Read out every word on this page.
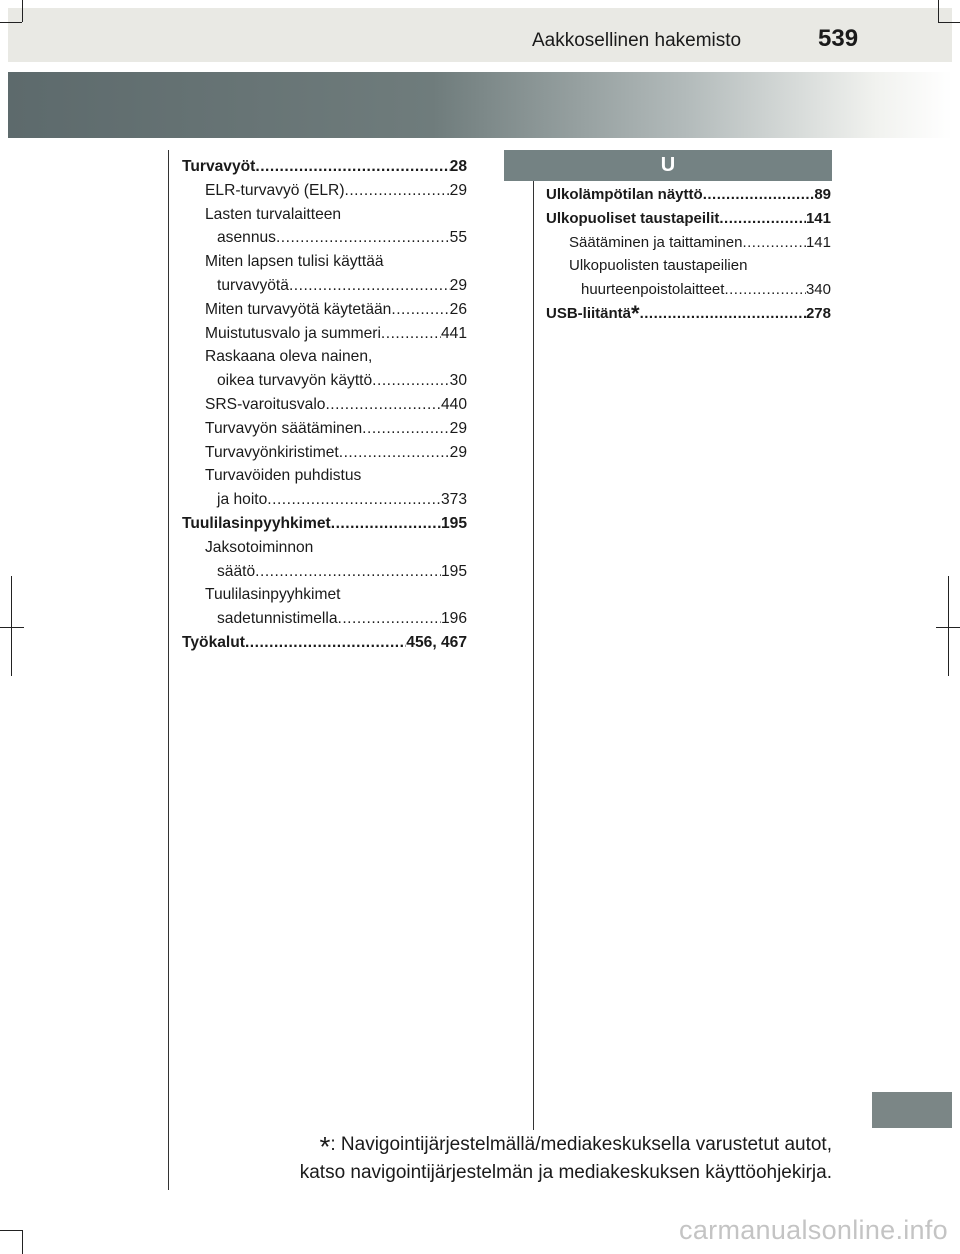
Aakkosellinen hakemisto	539
Turvavyöt .....	28
ELR-turvavyö (ELR) .....	29
Lasten turvalaitteen
asennus .....	55
Miten lapsen tulisi käyttää
turvavyötä .....	29
Miten turvavyötä käytetään .....	26
Muistutusvalo ja summeri .....	441
Raskaana oleva nainen,
oikea turvavyön käyttö .....	30
SRS-varoitusvalo .....	440
Turvavyön säätäminen .....	29
Turvavyönkiristimet .....	29
Turvavöiden puhdistus
ja hoito .....	373
Tuulilasinpyyhkimet .....	195
Jaksotoiminnon
säätö .....	195
Tuulilasinpyyhkimet
sadetunnistimella .....	196
Työkalut .....	456, 467
U
Ulkolämpötilan näyttö .....	89
Ulkopuoliset taustapeilit .....	141
Säätäminen ja taittaminen .....	141
Ulkopuolisten taustapeilien
huurteenpoistolaitteet .....	340
USB-liitäntä* .....	278
*: Navigointijärjestelmällä/mediakeskuksella varustetut autot,
katso navigointijärjestelmän ja mediakeskuksen käyttöohjekirja.
carmanualsonline.info
